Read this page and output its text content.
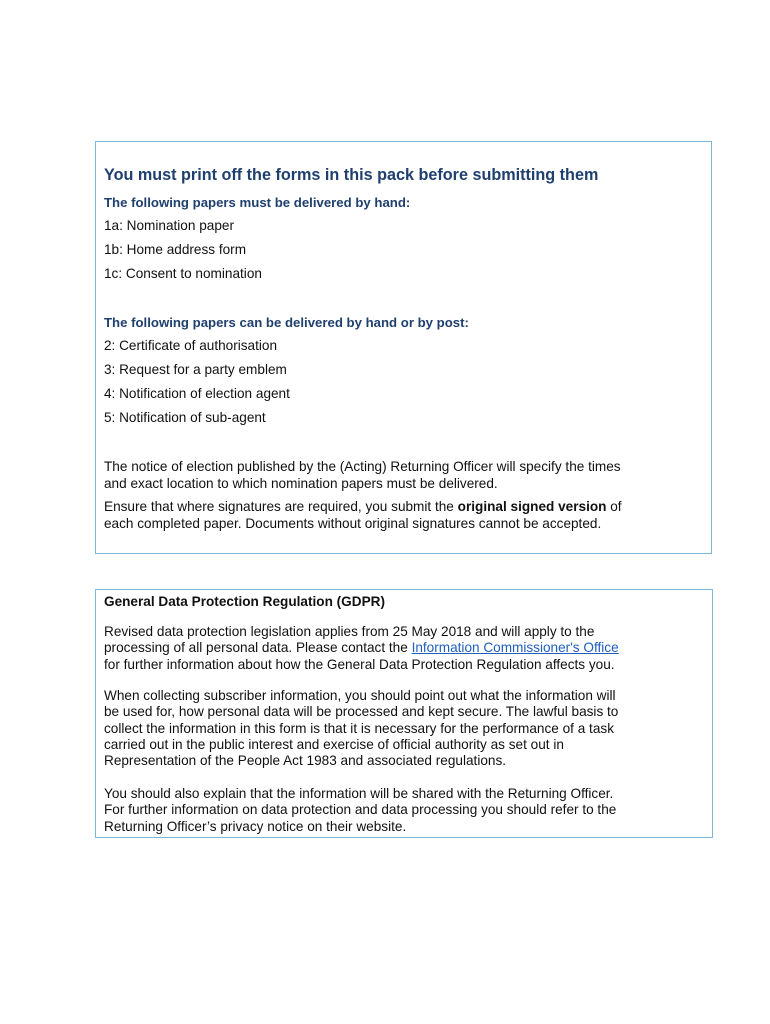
You must print off the forms in this pack before submitting them
The following papers must be delivered by hand:
1a: Nomination paper
1b: Home address form
1c: Consent to nomination
The following papers can be delivered by hand or by post:
2: Certificate of authorisation
3: Request for a party emblem
4: Notification of election agent
5: Notification of sub-agent
The notice of election published by the (Acting) Returning Officer will specify the times
and exact location to which nomination papers must be delivered.
Ensure that where signatures are required, you submit the original signed version of
each completed paper. Documents without original signatures cannot be accepted.
General Data Protection Regulation (GDPR)
Revised data protection legislation applies from 25 May 2018 and will apply to the
processing of all personal data. Please contact the Information Commissioner's Office
for further information about how the General Data Protection Regulation affects you.
When collecting subscriber information, you should point out what the information will
be used for, how personal data will be processed and kept secure. The lawful basis to
collect the information in this form is that it is necessary for the performance of a task
carried out in the public interest and exercise of official authority as set out in
Representation of the People Act 1983 and associated regulations.
You should also explain that the information will be shared with the Returning Officer.
For further information on data protection and data processing you should refer to the
Returning Officer’s privacy notice on their website.
